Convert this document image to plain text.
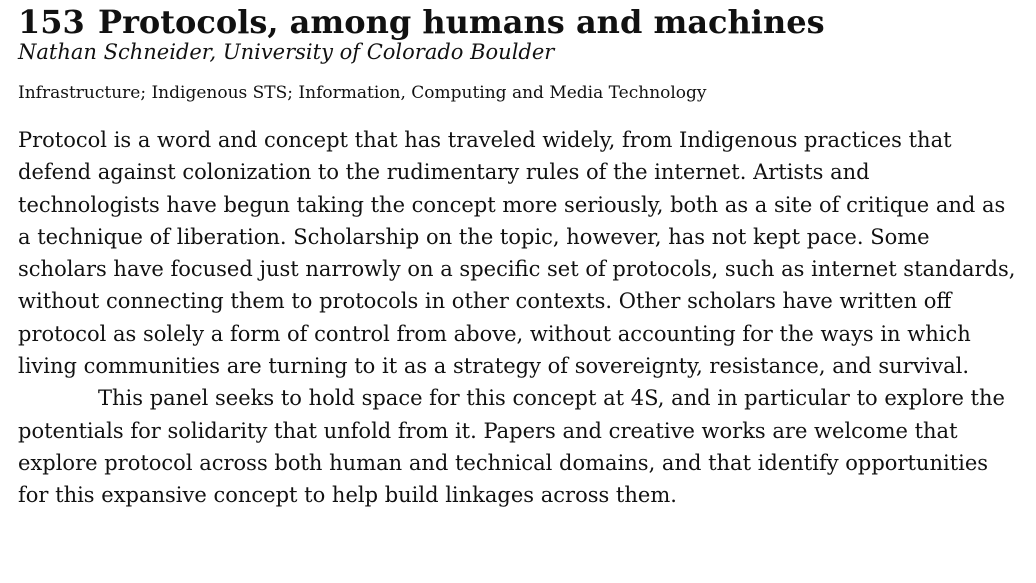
153 Protocols, among humans and machines
Nathan Schneider, University of Colorado Boulder
Infrastructure; Indigenous STS; Information, Computing and Media Technology

Protocol is a word and concept that has traveled widely, from Indigenous practices that defend against colonization to the rudimentary rules of the internet. Artists and technologists have begun taking the concept more seriously, both as a site of critique and as a technique of liberation. Scholarship on the topic, however, has not kept pace. Some scholars have focused just narrowly on a specific set of protocols, such as internet standards, without connecting them to protocols in other contexts. Other scholars have written off protocol as solely a form of control from above, without accounting for the ways in which living communities are turning to it as a strategy of sovereignty, resistance, and survival.

This panel seeks to hold space for this concept at 4S, and in particular to explore the potentials for solidarity that unfold from it. Papers and creative works are welcome that explore protocol across both human and technical domains, and that identify opportunities for this expansive concept to help build linkages across them.
